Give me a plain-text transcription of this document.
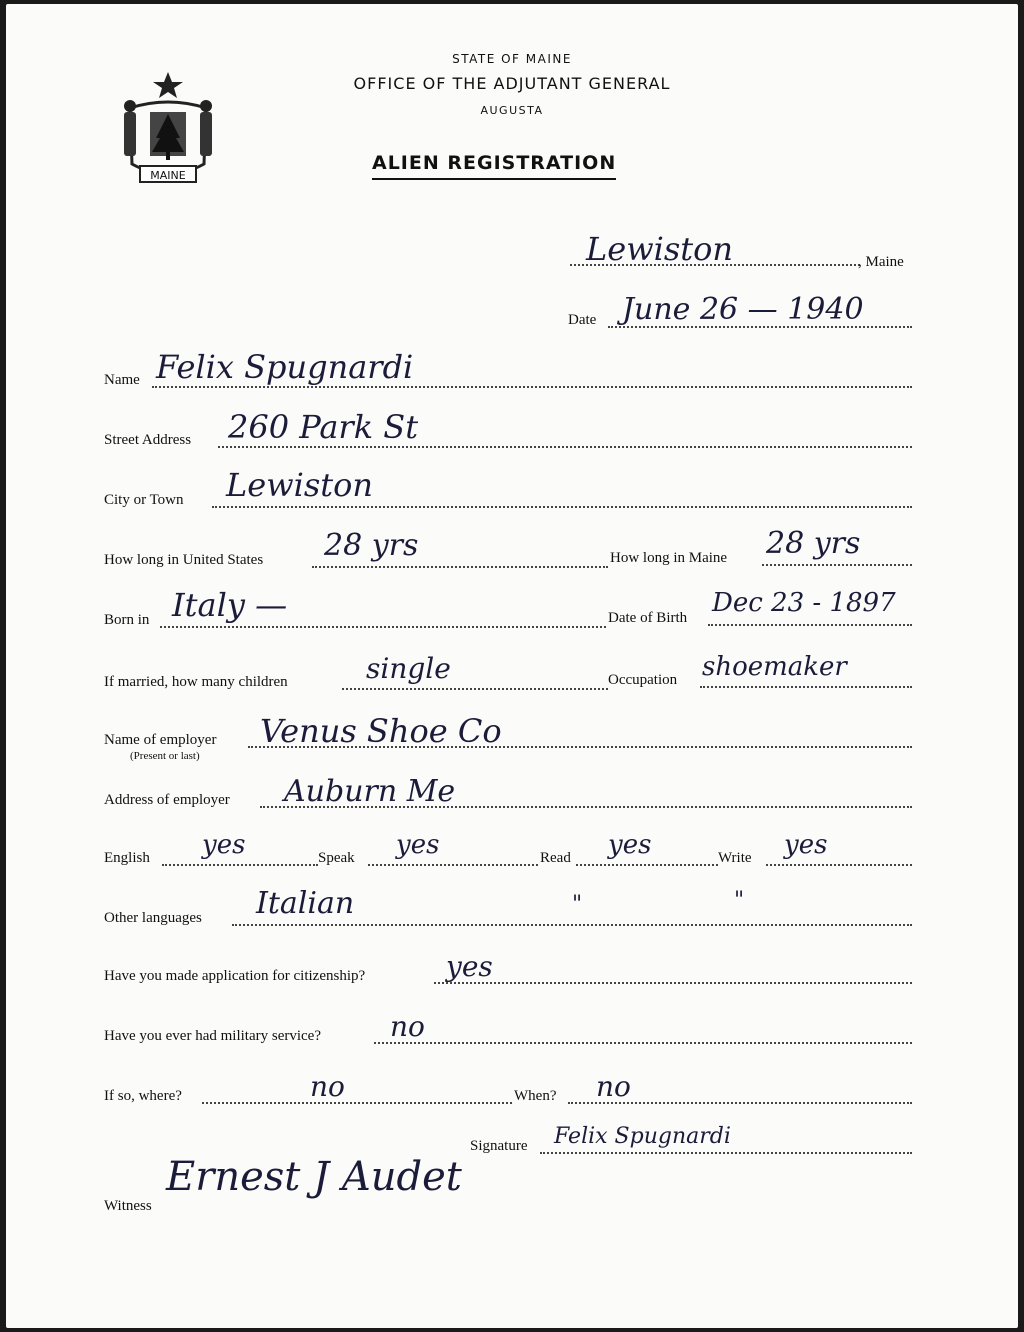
MAINE
STATE OF MAINE
OFFICE OF THE ADJUTANT GENERAL
AUGUSTA
ALIEN REGISTRATION
Lewiston	, Maine
Date June 26 — 1940
Name Felix Spugnardi
Street Address 260 Park St
City or Town Lewiston
How long in United States 28 yrs	How long in Maine 28 yrs
Born in Italy —	Date of Birth Dec 23 - 1897
If married, how many children	single	Occupation shoemaker
Name of employer
(Present or last)
Venus Shoe Co
Address of employer Auburn Me
English yes	Speak yes	Read yes	Write yes
Other languages Italian	"	"
Have you made application for citizenship?	yes
Have you ever had military service? no
If so, where?	no	When? no
Signature Felix Spugnardi
Witness
Ernest J Audet
